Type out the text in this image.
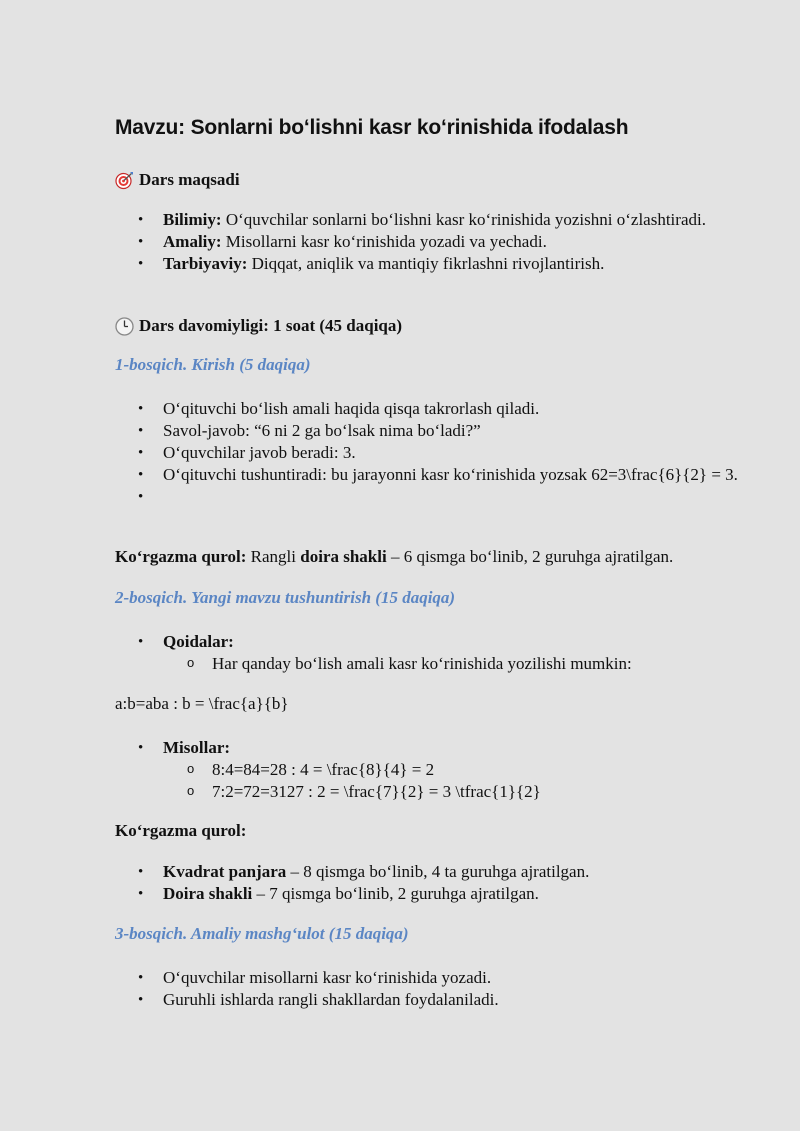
Mavzu: Sonlarni bo‘lishni kasr ko‘rinishida ifodalash
Dars maqsadi
• Bilimiy: O‘quvchilar sonlarni bo‘lishni kasr ko‘rinishida yozishni o‘zlashtiradi.
• Amaliy: Misollarni kasr ko‘rinishida yozadi va yechadi.
• Tarbiyaviy: Diqqat, aniqlik va mantiqiy fikrlashni rivojlantirish.
Dars davomiyligi: 1 soat (45 daqiqa)
1-bosqich. Kirish (5 daqiqa)
• O‘qituvchi bo‘lish amali haqida qisqa takrorlash qiladi.
• Savol-javob: “6 ni 2 ga bo‘lsak nima bo‘ladi?”
• O‘quvchilar javob beradi: 3.
• O‘qituvchi tushuntiradi: bu jarayonni kasr ko‘rinishida yozsak 62=3\frac{6}{2} = 3.
•
Ko‘rgazma qurol: Rangli doira shakli – 6 qismga bo‘linib, 2 guruhga ajratilgan.
2-bosqich. Yangi mavzu tushuntirish (15 daqiqa)
• Qoidalar:
o Har qanday bo‘lish amali kasr ko‘rinishida yozilishi mumkin:
a:b=aba : b = \frac{a}{b}
• Misollar:
o 8:4=84=28 : 4 = \frac{8}{4} = 2
o 7:2=72=3127 : 2 = \frac{7}{2} = 3 \tfrac{1}{2}
Ko‘rgazma qurol:
• Kvadrat panjara – 8 qismga bo‘linib, 4 ta guruhga ajratilgan.
• Doira shakli – 7 qismga bo‘linib, 2 guruhga ajratilgan.
3-bosqich. Amaliy mashg‘ulot (15 daqiqa)
• O‘quvchilar misollarni kasr ko‘rinishida yozadi.
• Guruhli ishlarda rangli shakllardan foydalaniladi.
